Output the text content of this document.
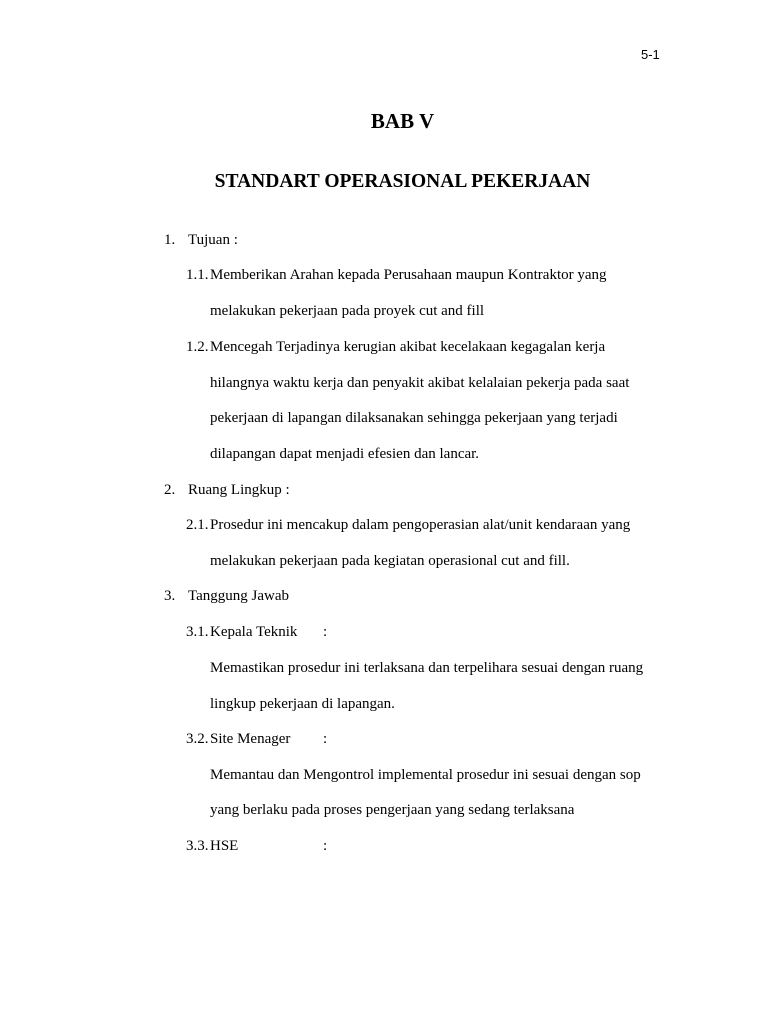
5-1
BAB V
STANDART OPERASIONAL PEKERJAAN
1. Tujuan :
1.1. Memberikan Arahan kepada Perusahaan maupun Kontraktor yang
melakukan pekerjaan pada proyek cut and fill
1.2. Mencegah Terjadinya kerugian akibat kecelakaan kegagalan kerja
hilangnya waktu kerja dan penyakit akibat kelalaian pekerja pada saat
pekerjaan di lapangan dilaksanakan sehingga pekerjaan yang terjadi
dilapangan dapat menjadi efesien dan lancar.
2. Ruang Lingkup :
2.1. Prosedur ini mencakup dalam pengoperasian alat/unit kendaraan yang
melakukan pekerjaan pada kegiatan operasional cut and fill.
3. Tanggung Jawab
3.1. Kepala Teknik :
Memastikan prosedur ini terlaksana dan terpelihara sesuai dengan ruang
lingkup pekerjaan di lapangan.
3.2. Site Menager :
Memantau dan Mengontrol implemental prosedur ini sesuai dengan sop
yang berlaku pada proses pengerjaan yang sedang terlaksana
3.3. HSE	:
